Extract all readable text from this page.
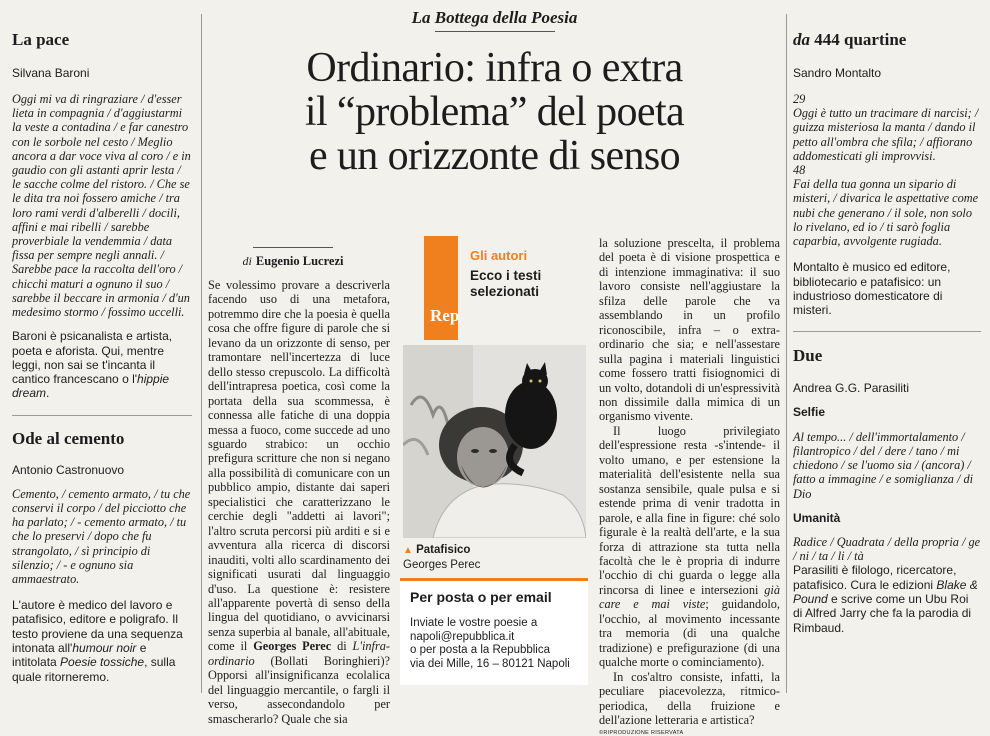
La pace

Silvana Baroni

Oggi mi va di ringraziare / d'esser lieta in compagnia / d'aggiustarmi la veste a contadina / e far canestro con le sorbole nel cesto / Meglio ancora a dar voce viva al coro / e in gaudio con gli astanti aprir lesta / le sacche colme del ristoro. / Che se le dita tra noi fossero amiche / tra loro rami verdi d'alberelli / docili, affini e mai ribelli / sarebbe proverbiale la vendemmia / data fissa per sempre negli annali. / Sarebbe pace la raccolta dell'oro / chicchi maturi a ognuno il suo / sarebbe il beccare in armonia / d'un medesimo stormo / fossimo uccelli.

Baroni è psicanalista e artista, poeta e aforista. Qui, mentre leggi, non sai se t'incanta il cantico francescano o l'hippie dream.

Ode al cemento

Antonio Castronuovo

Cemento, / cemento armato, / tu che conservi il corpo / del picciotto che ha parlato; / - cemento armato, / tu che lo preservi / dopo che fu strangolato, / sì principio di silenzio; / - e ognuno sia ammaestrato.

L'autore è medico del lavoro e patafisico, editore e poligrafo. Il testo proviene da una sequenza intonata all'humour noir e intitolata Poesie tossiche, sulla quale ritorneremo.

La Bottega della Poesia
Ordinario: infra o extra
il “problema” del poeta
e un orizzonte di senso
di Eugenio Lucrezi

Se volessimo provare a descriverla facendo uso di una metafora, potremmo dire che la poesia è quella cosa che offre figure di parole che si levano da un orizzonte di senso, per tramontare nell'incertezza di luce dello stesso crepuscolo. La difficoltà dell'intrapresa poetica, così come la portata della sua scommessa, è connessa alle fatiche di una doppia messa a fuoco, come succede ad uno sguardo strabico: un occhio prefigura scritture che non si negano alla possibilità di comunicare con un pubblico ampio, distante dai saperi specialistici che caratterizzano le cerchie degli "addetti ai lavori"; l'altro scruta percorsi più arditi e si e avventura alla ricerca di discorsi inauditi, volti allo scardinamento dei significati usurati dal linguaggio d'uso. La questione è: resistere all'apparente povertà di senso della lingua del quotidiano, o avvicinarsi senza superbia al banale, all'abituale, come il Georges Perec di L'infra-ordinario (Bollati Boringhieri)? Opporsi all'insignificanza ecolalica del linguaggio mercantile, o fargli il verso, assecondandolo per smascherarlo? Quale che sia

Rep
Gli autori
Ecco i testi selezionati
▲ Patafisico
Georges Perec
Per posta o per email
Inviate le vostre poesie a
napoli@repubblica.it
o per posta a la Repubblica
via dei Mille, 16 – 80121 Napoli

la soluzione prescelta, il problema del poeta è di visione prospettica e di intenzione immaginativa: il suo lavoro consiste nell'aggiustare la sfilza delle parole che va assemblando in un profilo riconoscibile, infra – o extra-ordinario che sia; e nell'assestare sulla pagina i materiali linguistici come fossero tratti fisiognomici di un volto, dotandoli di un'espressività non dissimile dalla mimica di un organismo vivente.

Il luogo privilegiato dell'espressione resta -s'intende- il volto umano, e per estensione la materialità dell'esistente nella sua sostanza sensibile, quale pulsa e si estende prima di venir tradotta in parole, e alla fine in figure: ché solo figurale è la realtà dell'arte, e la sua forza di attrazione sta tutta nella facoltà che le è propria di indurre l'occhio di chi guarda o legge alla rincorsa di linee e intersezioni già care e mai viste; guidandolo, l'occhio, al movimento incessante tra memoria (di una qualche tradizione) e prefigurazione (di una qualche morte o cominciamento).

In cos'altro consiste, infatti, la peculiare piacevolezza, ritmico-periodica, della fruizione e dell'azione letteraria e artistica?

©RIPRODUZIONE RISERVATA
da 444 quartine

Sandro Montalto

29

Oggi è tutto un tracimare di narcisi; / guizza misteriosa la manta / dando il petto all'ombra che sfila; / affiorano addomesticati gli improvvisi.

48

Fai della tua gonna un sipario di misteri, / divarica le aspettative come nubi che generano / il sole, non solo lo rivelano, ed io / ti sarò foglia caparbia, avvolgente rugiada.

Montalto è musico ed editore, bibliotecario e patafisico: un industrioso domesticatore di misteri.

Due

Andrea G.G. Parasiliti

Selfie

Al tempo... / dell'immortalamento / filantropico / del / dere / tano / mi chiedono / se l'uomo sia / (ancora) / fatto a immagine / e somiglianza / di Dio

Umanità

Radice / Quadrata / della propria / ge / ni / ta / li / tà

Parasiliti è filologo, ricercatore, patafisico. Cura le edizioni Blake & Pound e scrive come un Ubu Roi di Alfred Jarry che fa la parodia di Rimbaud.
